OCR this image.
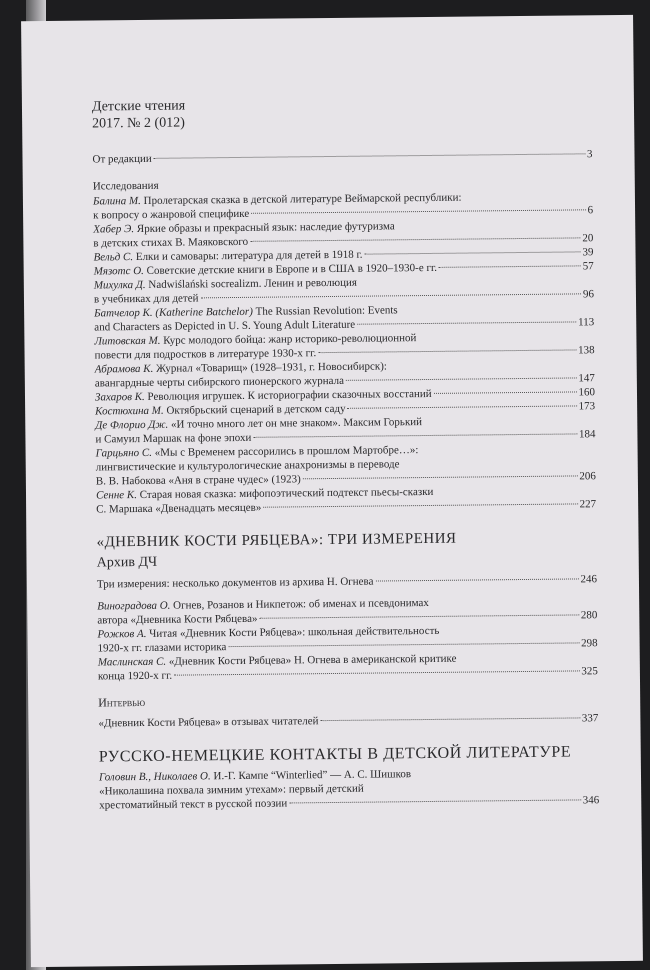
Детские чтения
2017. № 2 (012)
От редакции	3
Исследования
Балина М.
Пролетарская сказка в детской литературе Веймарской республики:
к вопросу о жанровой специфике	6
Хабер Э.
Яркие образы и прекрасный язык: наследие футуризма
в детских стихах В. Маяковского	20
Вельд С.
Елки и самовары: литература для детей в 1918 г.	39
Мязотс О.
Советские детские книги в Европе и в США в 1920–1930-е гг.	57
Михулка Д.
Nadwiślański socrealizm. Ленин и революция
в учебниках для детей	96
Батчелор К. (Katherine Batchelor)
The Russian Revolution: Events
and Characters as Depicted in U. S. Young Adult Literature	113
Литовская М.
Курс молодого бойца: жанр историко-революционной
повести для подростков в литературе 1930-х гг.	138
Абрамова К.
Журнал «Товарищ» (1928–1931, г. Новосибирск):
авангардные черты сибирского пионерского журнала	147
Захаров К.
Революция игрушек. К историографии сказочных восстаний	160
Костюхина М.
Октябрьский сценарий в детском саду	173
Де Флорио Дж.
«И точно много лет он мне знаком». Максим Горький
и Самуил Маршак на фоне эпохи	184
Гарцьяно С.
«Мы с Временем рассорились в прошлом Мартобре…»:
лингвистические и культурологические анахронизмы в переводе
В. В. Набокова «Аня в стране чудес» (1923)	206
Сенне К.
Старая новая сказка: мифопоэтический подтекст пьесы-сказки
С. Маршака «Двенадцать месяцев»	227
«ДНЕВНИК КОСТИ РЯБЦЕВА»: ТРИ ИЗМЕРЕНИЯ
Архив ДЧ
Три измерения: несколько документов из архива Н. Огнева	246
Виноградова О.
Огнев, Розанов и Никпетож: об именах и псевдонимах
автора «Дневника Кости Рябцева»	280
Рожков А.
Читая «Дневник Кости Рябцева»: школьная действительность
1920-х гг. глазами историка	298
Маслинская С.
«Дневник Кости Рябцева» Н. Огнева в американской критике
конца 1920-х гг.	325
Интервью
«Дневник Кости Рябцева» в отзывах читателей	337
РУССКО-НЕМЕЦКИЕ КОНТАКТЫ В ДЕТСКОЙ ЛИТЕРАТУРЕ
Головин В., Николаев О.
И.-Г. Кампе “Winterlied” — А. С. Шишков
«Николашина похвала зимним утехам»: первый детский
хрестоматийный текст в русской поэзии	346
